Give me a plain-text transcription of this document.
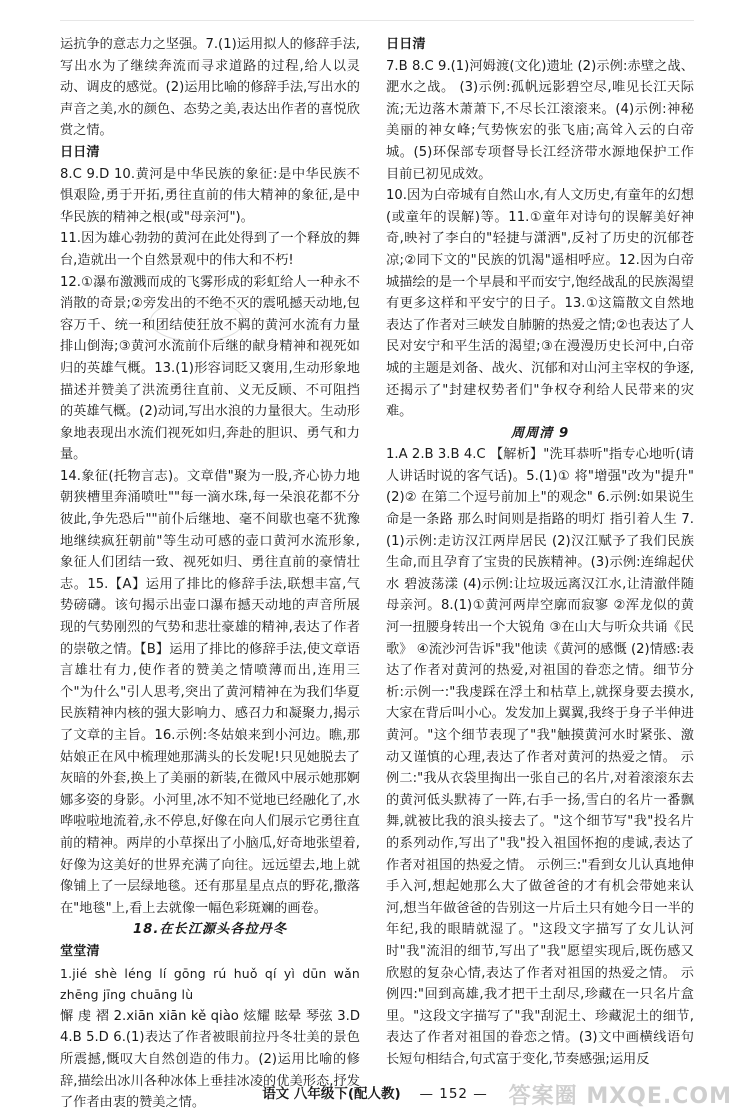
运抗争的意志力之坚强。7.(1)运用拟人的修辞手法,写出水为了继续奔流而寻求道路的过程,给人以灵动、调皮的感觉。(2)运用比喻的修辞手法,写出水的声音之美,水的颜色、态势之美,表达出作者的喜悦欣赏之情。

日日清

8.C 9.D 10.黄河是中华民族的象征:是中华民族不惧艰险,勇于开拓,勇往直前的伟大精神的象征,是中华民族的精神之根(或"母亲河")。

11.因为雄心勃勃的黄河在此处得到了一个释放的舞台,造就出一个自然景观中的伟大和不朽!

12.①瀑布激溅而成的飞雾形成的彩虹给人一种永不消散的奇景;②旁发出的不绝不灭的震吼撼天动地,包容万千、统一和团结使狂放不羁的黄河水流有力量排山倒海;③黄河水流前仆后继的献身精神和视死如归的英雄气概。13.(1)形容词眨又褒用,生动形象地描述并赞美了洪流勇往直前、义无反顾、不可阻挡的英雄气概。(2)动词,写出水浪的力量很大。生动形象地表现出水流们视死如归,奔赴的胆识、勇气和力量。

14.象征(托物言志)。文章借"聚为一股,齐心协力地朝狭槽里奔涌喷吐""每一滴水珠,每一朵浪花都不分彼此,争先恐后""前仆后继地、毫不间歇也毫不犹豫地继续疯狂朝前"等生动可感的壶口黄河水流形象,象征人们团结一致、视死如归、勇往直前的豪情壮志。15.【A】运用了排比的修辞手法,联想丰富,气势磅礴。该句揭示出壶口瀑布撼天动地的声音所展现的气势刚烈的气势和悲壮豪雄的精神,表达了作者的崇敬之情。【B】运用了排比的修辞手法,使文章语言雄壮有力,使作者的赞美之情喷薄而出,连用三个"为什么"引人思考,突出了黄河精神在为我们华夏民族精神内核的强大影响力、感召力和凝聚力,揭示了文章的主旨。16.示例:冬姑娘来到小河边。瞧,那姑娘正在风中梳理她那满头的长发呢!只见她脱去了灰暗的外套,换上了美丽的新装,在微风中展示她那婀娜多姿的身影。小河里,冰不知不觉地已经融化了,水哗啦啦地流着,永不停息,好像在向人们展示它勇往直前的精神。两岸的小草探出了小脑瓜,好奇地张望着,好像为这美好的世界充满了向往。远远望去,地上就像铺上了一层绿地毯。还有那星星点点的野花,撒落在"地毯"上,看上去就像一幅色彩斑斓的画卷。

18.在长江源头各拉丹冬

堂堂清

1.jié shè léng lí gōng rú huǒ qí yì dūn wǎn zhēng jīng chuāng lù

懈 虔 褶 2.xiān xiān kě qiào 炫耀 眩晕 琴弦 3.D 4.B 5.D 6.(1)表达了作者被眼前拉丹冬壮美的景色所震撼,慨叹大自然创造的伟力。(2)运用比喻的修辞,描绘出冰川各种冰体上垂挂冰凌的优美形态,抒发了作者由衷的赞美之情。

日日清

7.B 8.C 9.(1)河姆渡(文化)遗址 (2)示例:赤壁之战、淝水之战。 (3)示例:孤帆远影碧空尽,唯见长江天际流;无边落木萧萧下,不尽长江滚滚来。(4)示例:神秘美丽的神女峰;气势恢宏的张飞庙;高耸入云的白帝城。(5)环保部专项督导长江经济带水源地保护工作目前已初见成效。

10.因为白帝城有自然山水,有人文历史,有童年的幻想(或童年的误解)等。11.①童年对诗句的误解美好神奇,映衬了李白的"轻捷与潇洒",反衬了历史的沉郁苍凉;②同下文的"民族的饥渴"遥相呼应。12.因为白帝城描绘的是一个早晨和平而安宁,饱经战乱的民族渴望有更多这样和平安宁的日子。13.①这篇散文自然地表达了作者对三峡发自肺腑的热爱之情;②也表达了人民对安宁和平生活的渴望;③在漫漫历史长河中,白帝城的主题是刘备、战火、沉郁和对山河主宰权的争逐,还揭示了"封建权势者们"争权夺利给人民带来的灾难。

周周清 9

1.A 2.B 3.B 4.C 【解析】"洗耳恭听"指专心地听(请人讲话时说的客气话)。5.(1)① 将"增强"改为"提升" (2)② 在第二个逗号前加上"的观念" 6.示例:如果说生命是一条路 那么时间则是指路的明灯 指引着人生 7.(1)示例:走访汉江两岸居民 (2)汉江赋予了我们民族生命,而且孕育了宝贵的民族精神。(3)示例:连绵起伏 水 碧波荡漾 (4)示例:让垃圾远离汉江水,让清澈伴随母亲河。8.(1)①黄河两岸空廓而寂寥 ②浑龙似的黄河一扭腰身转出一个大锐角 ③在山大与听众共诵《民歌》 ④流沙河告诉"我"他读《黄河的感慨 (2)情感:表达了作者对黄河的热爱,对祖国的眷恋之情。细节分析:示例一:"我虔踩在浮土和枯草上,就探身要去摸水,大家在背后叫小心。发发加上翼翼,我终于身子半伸进黄河。"这个细节表现了"我"触摸黄河水时紧张、激动又谨慎的心理,表达了作者对黄河的热爱之情。 示例二:"我从衣袋里掏出一张自己的名片,对着滚滚东去的黄河低头默祷了一阵,右手一扬,雪白的名片一番飘舞,就被比我的浪头接去了。"这个细节写"我"投名片的系列动作,写出了"我"投入祖国怀抱的虔诚,表达了作者对祖国的热爱之情。 示例三:"看到女儿认真地伸手入河,想起她那么大了做爸爸的才有机会带她来认河,想当年做爸爸的告别这一片后土只有她今日一半的年纪,我的眼睛就湿了。"这段文字描写了女儿认河时"我"流泪的细节,写出了"我"愿望实现后,既伤感又欣慰的复杂心情,表达了作者对祖国的热爱之情。 示例四:"回到高雄,我才把干土刮尽,珍藏在一只名片盒里。"这段文字描写了"我"刮泥土、珍藏泥土的细节,表达了作者对祖国的眷恋之情。(3)文中画横线语句长短句相结合,句式富于变化,节奏感强;运用反

语文 八年级下(配人教) — 152 — 答案圈 MXQE.COM
